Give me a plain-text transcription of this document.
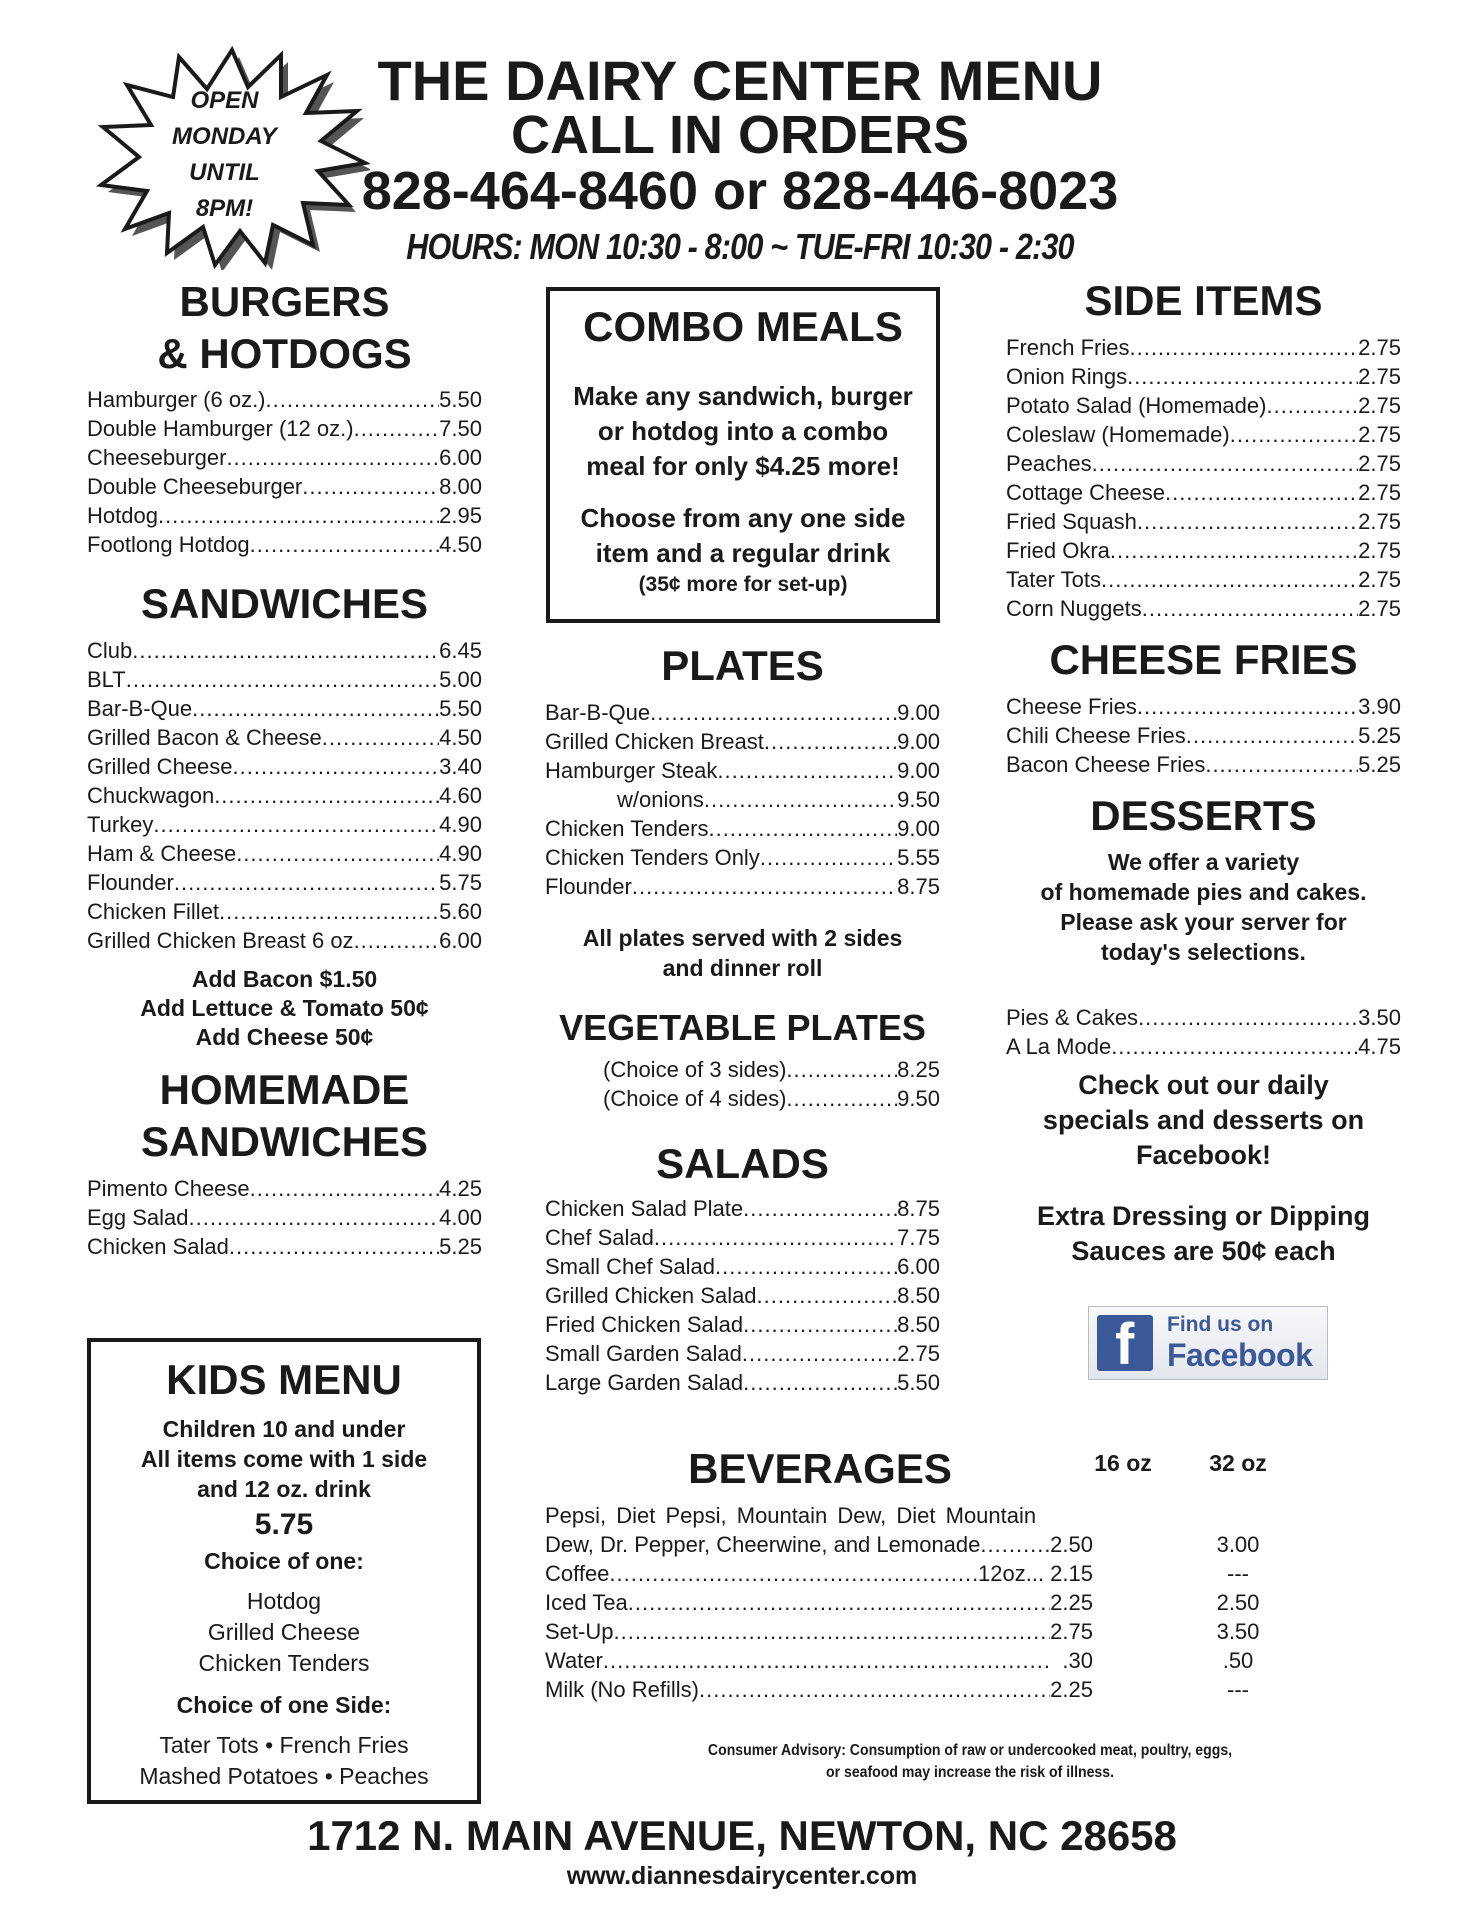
OPEN
MONDAY
UNTIL
8PM!
THE DAIRY CENTER MENU
CALL IN ORDERS
828-464-8460 or 828-446-8023
HOURS: MON 10:30 - 8:00 ~ TUE-FRI 10:30 - 2:30
BURGERS
& HOTDOGS
Hamburger (6 oz.) .....	5.50
Double Hamburger (12 oz.) .....	7.50
Cheeseburger .....	6.00
Double Cheeseburger .....	8.00
Hotdog .....	2.95
Footlong Hotdog .....	4.50
SANDWICHES
Club .....	6.45
BLT .....	5.00
Bar-B-Que .....	5.50
Grilled Bacon & Cheese .....	4.50
Grilled Cheese .....	3.40
Chuckwagon .....	4.60
Turkey .....	4.90
Ham & Cheese .....	4.90
Flounder .....	5.75
Chicken Fillet .....	5.60
Grilled Chicken Breast 6 oz .....	6.00
Add Bacon $1.50
Add Lettuce & Tomato 50¢
Add Cheese 50¢
HOMEMADE
SANDWICHES
Pimento Cheese .....	4.25
Egg Salad .....	4.00
Chicken Salad .....	5.25
KIDS MENU
Children 10 and under
All items come with 1 side
and 12 oz. drink
5.75
Choice of one:
Hotdog
Grilled Cheese
Chicken Tenders
Choice of one Side:
Tater Tots • French Fries
Mashed Potatoes • Peaches
COMBO MEALS
Make any sandwich, burger
or hotdog into a combo
meal for only $4.25 more!
Choose from any one side
item and a regular drink
(35¢ more for set-up)
PLATES
Bar-B-Que .....	9.00
Grilled Chicken Breast .....	9.00
Hamburger Steak .....	9.00
w/onions .....	9.50
Chicken Tenders .....	9.00
Chicken Tenders Only .....	5.55
Flounder .....	8.75
All plates served with 2 sides
and dinner roll
VEGETABLE PLATES
(Choice of 3 sides) .....	8.25
(Choice of 4 sides) .....	9.50
SALADS
Chicken Salad Plate .....	8.75
Chef Salad .....	7.75
Small Chef Salad .....	6.00
Grilled Chicken Salad .....	8.50
Fried Chicken Salad .....	8.50
Small Garden Salad .....	2.75
Large Garden Salad .....	5.50
SIDE ITEMS
French Fries .....	2.75
Onion Rings .....	2.75
Potato Salad (Homemade) .....	2.75
Coleslaw (Homemade) .....	2.75
Peaches .....	2.75
Cottage Cheese .....	2.75
Fried Squash .....	2.75
Fried Okra .....	2.75
Tater Tots .....	2.75
Corn Nuggets .....	2.75
CHEESE FRIES
Cheese Fries .....	3.90
Chili Cheese Fries .....	5.25
Bacon Cheese Fries .....	5.25
DESSERTS
We offer a variety
of homemade pies and cakes.
Please ask your server for
today's selections.
Pies & Cakes .....	3.50
A La Mode .....	4.75
Check out our daily
specials and desserts on
Facebook!
Extra Dressing or Dipping
Sauces are 50¢ each
f Find us on
Facebook
BEVERAGES	16 oz	32 oz
Pepsi, Diet Pepsi, Mountain Dew, Diet Mountain
Dew, Dr. Pepper, Cheerwine, and Lemonade .....	2.50	3.00
Coffee .....	12oz... 2.15	---
Iced Tea .....	2.25	2.50
Set-Up .....	2.75	3.50
Water .....	.30	.50
Milk (No Refills) .....	2.25	---
Consumer Advisory: Consumption of raw or undercooked meat, poultry, eggs,
or seafood may increase the risk of illness.
1712 N. MAIN AVENUE, NEWTON, NC 28658
www.diannesdairycenter.com
